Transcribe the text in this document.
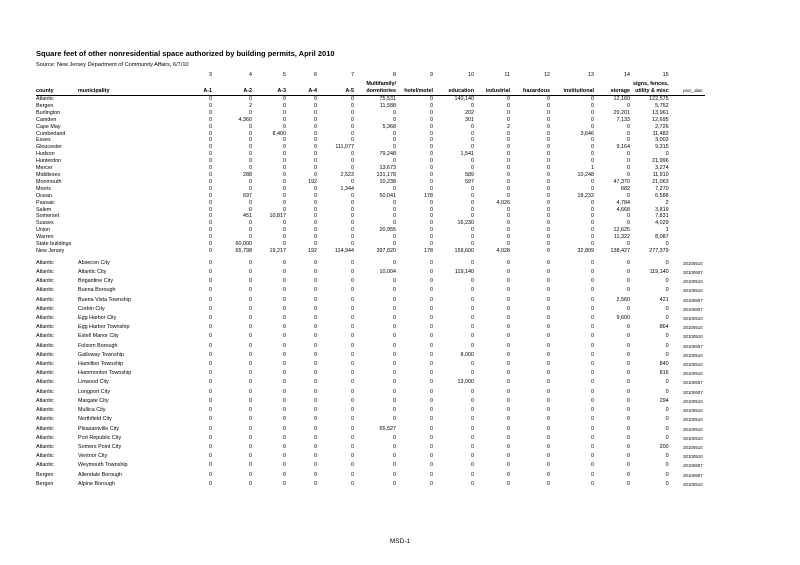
Square feet of other nonresidential space authorized by building permits, April 2010
Source: New Jersey Department of Community Affairs, 6/7/10
		3	4	5	6	7	8	9	10	11	12	13	14	15	
							Multifamily/							signs, fences,	
county	municipality	A-1	A-2	A-3	A-4	A-5	dormitories	hotel/motel	education	industrial	hazardous	institutional	storage	utility & misc	proc_date
Atlantic		0	0	0	0	0	75,531	0	140,140	0	0	0	12,160	122,575	
Bergen		0	2	0	0	0	11,588	0	0	0	0	0	0	5,752	
Burlington		0	0	0	0	0	0	0	202	0	0	0	29,201	13,961	
Camden		0	4,360	0	0	0	0	0	301	0	0	0	7,133	12,695	
Cape May		0	0	0	0	0	5,368	0	0	2	0	0	0	2,726	
Cumberland		0	0	8,400	0	0	0	0	0	0	0	3,646	0	11,482	
Essex		0	0	0	0	0	0	0	0	0	0	0	0	3,003	
Gloucester		0	0	0	0	111,077	0	0	0	0	0	0	9,164	9,315	
Hudson		0	0	0	0	0	79,248	0	1,541	0	0	0	0	0	
Hunterdon		0	0	0	0	0	0	0	0	0	0	0	0	21,996	
Mercer		0	0	0	0	0	13,673	0	0	0	0	1	0	3,274	
Middlesex		0	288	0	0	2,523	131,178	0	589	0	0	10,248	0	11,910	
Monmouth		0	0	0	192	0	10,238	0	597	0	0	0	47,370	21,063	
Morris		0	0	0	0	1,344	0	0	0	0	0	0	682	7,270	
Ocean		0	697	0	0	0	50,041	178	0	0	0	18,232	0	6,588	
Passaic		0	0	0	0	0	0	0	0	4,026	0	0	4,784	2	
Salem		0	0	0	0	0	0	0	0	0	0	0	4,668	3,819	
Somerset		0	451	10,817	0	0	0	0	0	0	0	0	0	7,831	
Sussex		0	0	0	0	0	0	0	16,230	0	0	0	0	4,029	
Union		0	0	0	0	0	20,955	0	0	0	0	0	12,625	1	
Warren		0	0	0	0	0	0	0	0	0	0	0	11,322	8,087	
State buildings		0	60,000	0	0	0	0	0	0	0	0	0	0	0	
New Jersey		0	65,798	19,217	192	114,944	397,820	178	159,600	4,028	0	32,809	138,427	277,379	

Atlantic	Absecon City	0	0	0	0	0	0	0	0	0	0	0	0	0	20100510
Atlantic	Atlantic City	0	0	0	0	0	10,004	0	119,140	0	0	0	0	119,140	20100607
Atlantic	Brigantine City	0	0	0	0	0	0	0	0	0	0	0	0	0	20100510
Atlantic	Buena Borough	0	0	0	0	0	0	0	0	0	0	0	0	0	20100510
Atlantic	Buena Vista Township	0	0	0	0	0	0	0	0	0	0	0	2,560	421	20100607
Atlantic	Corbin City	0	0	0	0	0	0	0	0	0	0	0	0	0	20100607
Atlantic	Egg Harbor City	0	0	0	0	0	0	0	0	0	0	0	9,600	0	20100510
Atlantic	Egg Harbor Township	0	0	0	0	0	0	0	0	0	0	0	0	864	20100510
Atlantic	Estell Manor City	0	0	0	0	0	0	0	0	0	0	0	0	0	20100510
Atlantic	Folsom Borough	0	0	0	0	0	0	0	0	0	0	0	0	0	20100607
Atlantic	Galloway Township	0	0	0	0	0	0	0	8,000	0	0	0	0	0	20100510
Atlantic	Hamilton Township	0	0	0	0	0	0	0	0	0	0	0	0	840	20100510
Atlantic	Hammonton Township	0	0	0	0	0	0	0	0	0	0	0	0	816	20100510
Atlantic	Linwood City	0	0	0	0	0	0	0	13,000	0	0	0	0	0	20100607
Atlantic	Longport City	0	0	0	0	0	0	0	0	0	0	0	0	0	20100607
Atlantic	Margate City	0	0	0	0	0	0	0	0	0	0	0	0	294	20100510
Atlantic	Mullica City	0	0	0	0	0	0	0	0	0	0	0	0	0	20100510
Atlantic	Northfield City	0	0	0	0	0	0	0	0	0	0	0	0	0	20100510
Atlantic	Pleasantville City	0	0	0	0	0	65,527	0	0	0	0	0	0	0	20100510
Atlantic	Port Republic City	0	0	0	0	0	0	0	0	0	0	0	0	0	20100510
Atlantic	Somers Point City	0	0	0	0	0	0	0	0	0	0	0	0	200	20100510
Atlantic	Ventnor City	0	0	0	0	0	0	0	0	0	0	0	0	0	20100510
Atlantic	Weymouth Township	0	0	0	0	0	0	0	0	0	0	0	0	0	20100607
Bergen	Allendale Borough	0	0	0	0	0	0	0	0	0	0	0	0	0	20100607
Bergen	Alpine Borough	0	0	0	0	0	0	0	0	0	0	0	0	0	20100510
MSD-1
